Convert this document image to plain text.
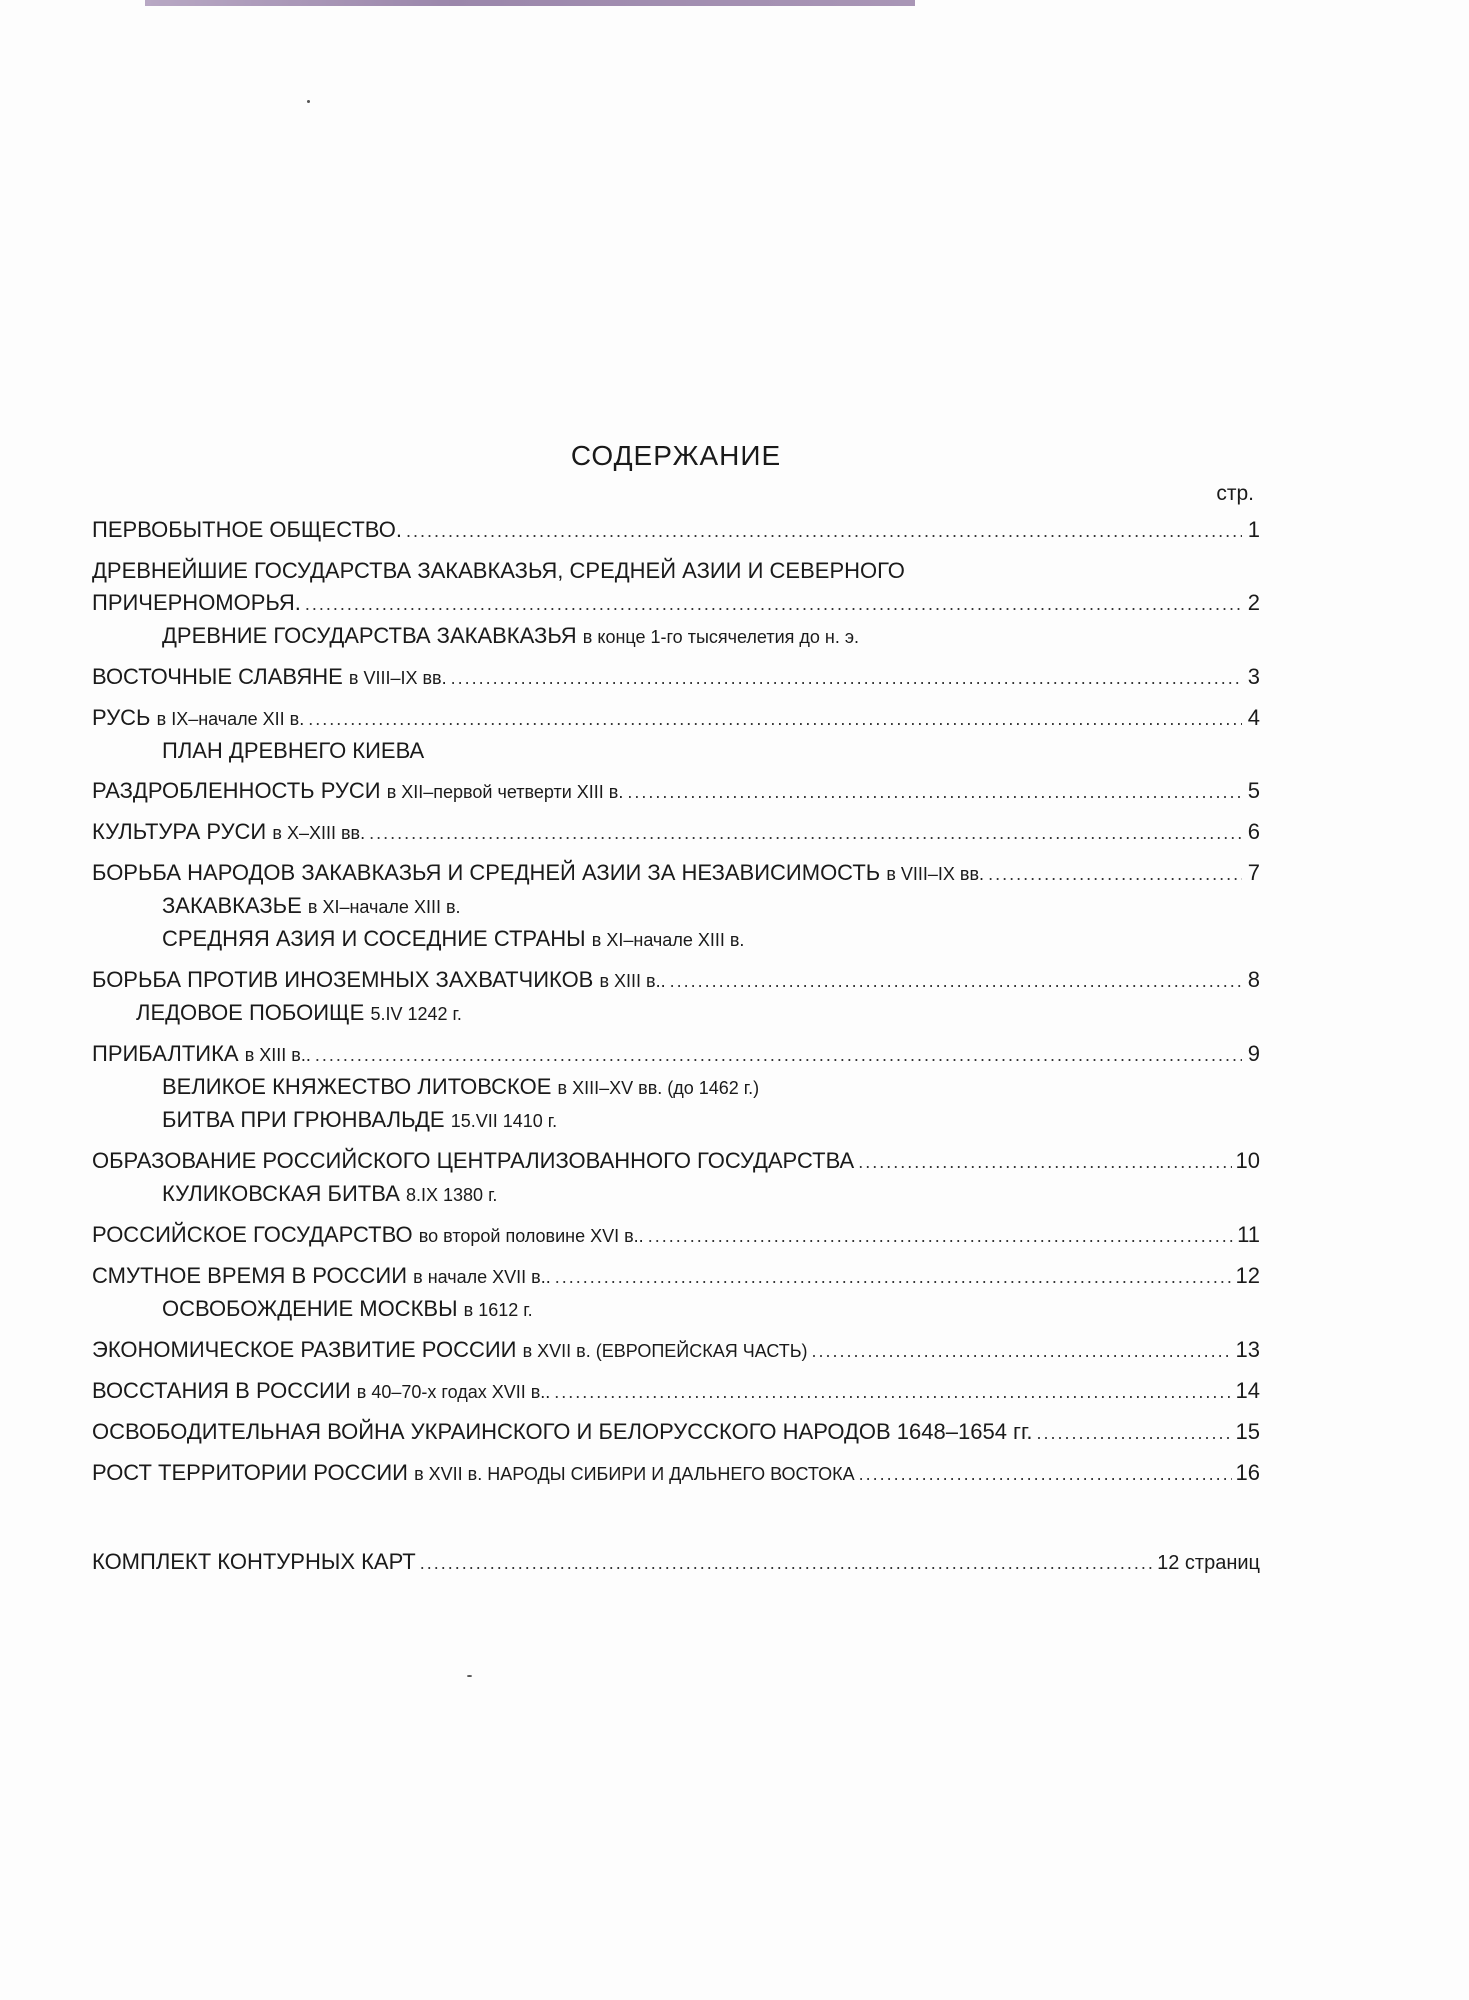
СОДЕРЖАНИЕ
стр.
ПЕРВОБЫТНОЕ ОБЩЕСТВО. .....	1
ДРЕВНЕЙШИЕ ГОСУДАРСТВА ЗАКАВКАЗЬЯ, СРЕДНЕЙ АЗИИ И СЕВЕРНОГО
ПРИЧЕРНОМОРЬЯ. .....	2
ДРЕВНИЕ ГОСУДАРСТВА ЗАКАВКАЗЬЯ в конце 1-го тысячелетия до н. э.
ВОСТОЧНЫЕ СЛАВЯНЕ в VIII–IX вв. .....	3
РУСЬ в IX–начале XII в. .....	4
ПЛАН ДРЕВНЕГО КИЕВА
РАЗДРОБЛЕННОСТЬ РУСИ в XII–первой четверти XIII в. .....	5
КУЛЬТУРА РУСИ в X–XIII вв. .....	6
БОРЬБА НАРОДОВ ЗАКАВКАЗЬЯ И СРЕДНЕЙ АЗИИ ЗА НЕЗАВИСИМОСТЬ в VIII–IX вв. .....	7
ЗАКАВКАЗЬЕ в XI–начале XIII в.
СРЕДНЯЯ АЗИЯ И СОСЕДНИЕ СТРАНЫ в XI–начале XIII в.
БОРЬБА ПРОТИВ ИНОЗЕМНЫХ ЗАХВАТЧИКОВ в XIII в.. .....	8
ЛЕДОВОЕ ПОБОИЩЕ 5.IV 1242 г.
ПРИБАЛТИКА в XIII в.. .....	9
ВЕЛИКОЕ КНЯЖЕСТВО ЛИТОВСКОЕ в XIII–XV вв. (до 1462 г.)
БИТВА ПРИ ГРЮНВАЛЬДЕ 15.VII 1410 г.
ОБРАЗОВАНИЕ РОССИЙСКОГО ЦЕНТРАЛИЗОВАННОГО ГОСУДАРСТВА .....	10
КУЛИКОВСКАЯ БИТВА 8.IX 1380 г.
РОССИЙСКОЕ ГОСУДАРСТВО во второй половине XVI в.. .....	11
СМУТНОЕ ВРЕМЯ В РОССИИ в начале XVII в.. .....	12
ОСВОБОЖДЕНИЕ МОСКВЫ в 1612 г.
ЭКОНОМИЧЕСКОЕ РАЗВИТИЕ РОССИИ в XVII в. (ЕВРОПЕЙСКАЯ ЧАСТЬ) .....	13
ВОССТАНИЯ В РОССИИ в 40–70-х годах XVII в.. .....	14
ОСВОБОДИТЕЛЬНАЯ ВОЙНА УКРАИНСКОГО И БЕЛОРУССКОГО НАРОДОВ 1648–1654 гг. .....	15
РОСТ ТЕРРИТОРИИ РОССИИ в XVII в. НАРОДЫ СИБИРИ И ДАЛЬНЕГО ВОСТОКА .....	16
КОМПЛЕКТ КОНТУРНЫХ КАРТ .....	12 страниц
